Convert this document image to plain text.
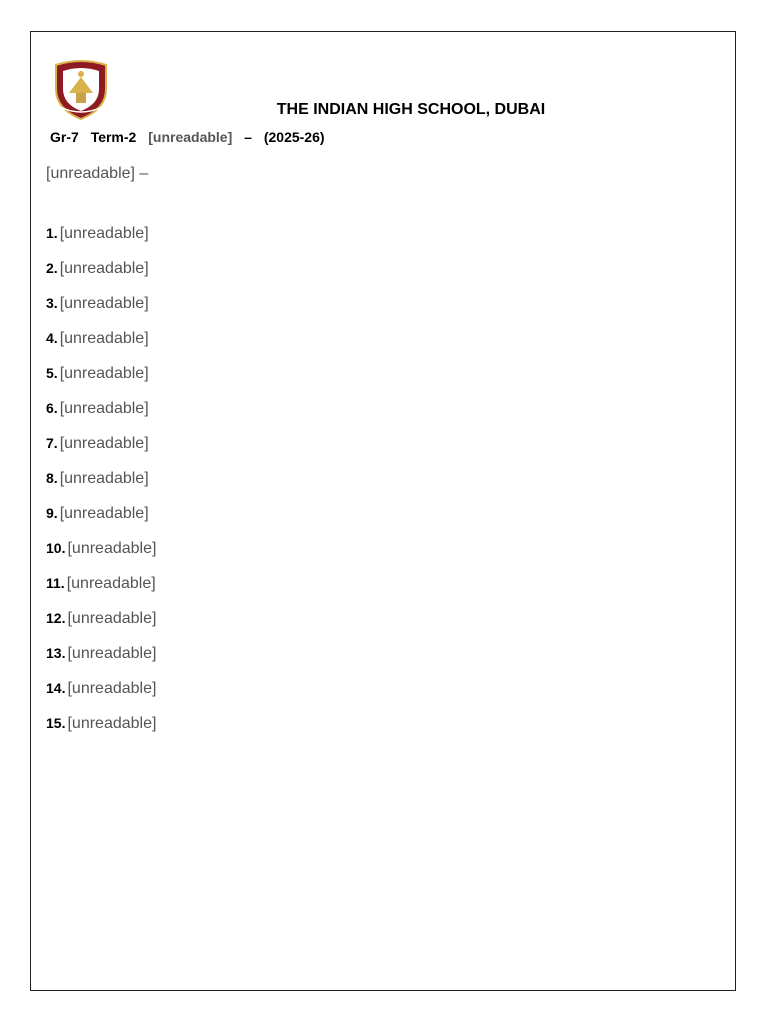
THE INDIAN HIGH SCHOOL, DUBAI
Gr-7 Term-2 [unreadable] – (2025-26)
[unreadable] –
1. [unreadable]
2. [unreadable]
3. [unreadable]
4. [unreadable]
5. [unreadable]
6. [unreadable]
7. [unreadable]
8. [unreadable]
9. [unreadable]
10. [unreadable]
11. [unreadable]
12. [unreadable]
13. [unreadable]
14. [unreadable]
15. [unreadable]
